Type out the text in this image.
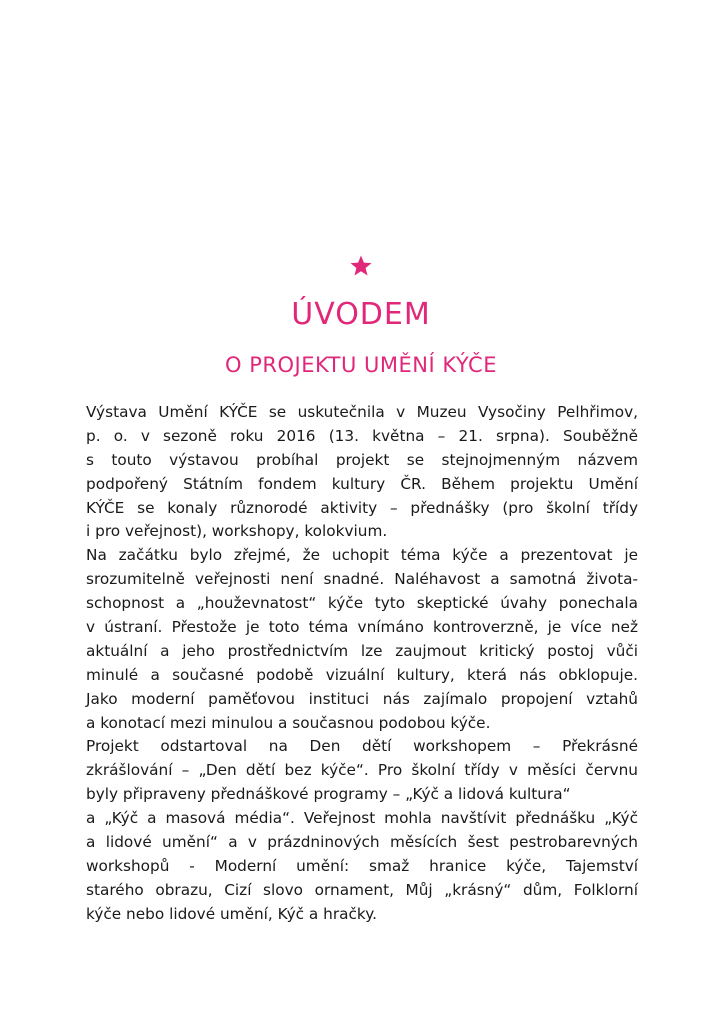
ÚVODEM
O PROJEKTU UMĚNÍ KÝČE
Výstava Umění KÝČE se uskutečnila v Muzeu Vysočiny Pelhřimov,
p. o. v sezoně roku 2016 (13. května – 21. srpna). Souběžně
s touto výstavou probíhal projekt se stejnojmenným názvem
podpořený Státním fondem kultury ČR. Během projektu Umění
KÝČE se konaly různorodé aktivity – přednášky (pro školní třídy
i pro veřejnost), workshopy, kolokvium.
Na začátku bylo zřejmé, že uchopit téma kýče a prezentovat je
srozumitelně veřejnosti není snadné. Naléhavost a samotná života-
schopnost a „houževnatost“ kýče tyto skeptické úvahy ponechala
v ústraní. Přestože je toto téma vnímáno kontroverzně, je více než
aktuální a jeho prostřednictvím lze zaujmout kritický postoj vůči
minulé a současné podobě vizuální kultury, která nás obklopuje.
Jako moderní paměťovou instituci nás zajímalo propojení vztahů
a konotací mezi minulou a současnou podobou kýče.
Projekt odstartoval na Den dětí workshopem – Překrásné
zkrášlování – „Den dětí bez kýče“. Pro školní třídy v měsíci červnu
byly připraveny přednáškové programy – „Kýč a lidová kultura“
a „Kýč a masová média“. Veřejnost mohla navštívit přednášku „Kýč
a lidové umění“ a v prázdninových měsících šest pestrobarevných
workshopů - Moderní umění: smaž hranice kýče, Tajemství
starého obrazu, Cizí slovo ornament, Můj „krásný“ dům, Folklorní
kýče nebo lidové umění, Kýč a hračky.
